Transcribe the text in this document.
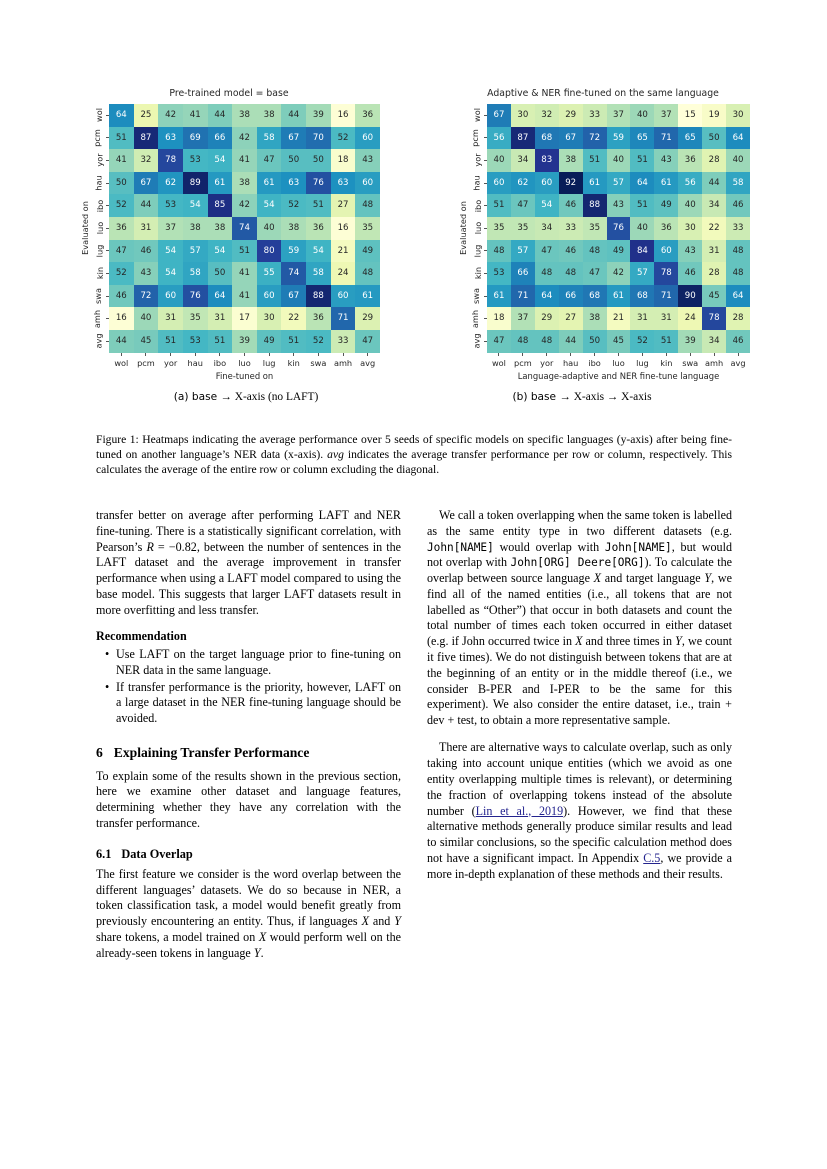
Pre-trained model = base
Evaluated on
wol
pcm
yor
hau
ibo
luo
lug
kin
swa
amh
avg
64	25	42	41	44	38	38	44	39	16	36
51	87	63	69	66	42	58	67	70	52	60
41	32	78	53	54	41	47	50	50	18	43
50	67	62	89	61	38	61	63	76	63	60
52	44	53	54	85	42	54	52	51	27	48
36	31	37	38	38	74	40	38	36	16	35
47	46	54	57	54	51	80	59	54	21	49
52	43	54	58	50	41	55	74	58	24	48
46	72	60	76	64	41	60	67	88	60	61
16	40	31	35	31	17	30	22	36	71	29
44	45	51	53	51	39	49	51	52	33	47
wol	pcm	yor	hau	ibo	luo	lug	kin	swa amh avg
Fine-tuned on
Adaptive & NER fine-tuned on the same language
Evaluated on
wol
pcm
yor
hau
ibo
luo
lug
kin
swa
amh
avg
67	30	32	29	33	37	40	37	15	19	30
56	87	68	67	72	59	65	71	65	50	64
40	34	83	38	51	40	51	43	36	28	40
60	62	60	92	61	57	64	61	56	44	58
51	47	54	46	88	43	51	49	40	34	46
35	35	34	33	35	76	40	36	30	22	33
48	57	47	46	48	49	84	60	43	31	48
53	66	48	48	47	42	57	78	46	28	48
61	71	64	66	68	61	68	71	90	45	64
18	37	29	27	38	21	31	31	24	78	28
47	48	48	44	50	45	52	51	39	34	46
wol pcm	yor	hau	ibo	luo	lug	kin	swa amh avg
Language-adaptive and NER fine-tune language
(a) base → X-axis (no LAFT)	(b) base → X-axis → X-axis
Figure 1: Heatmaps indicating the average performance over 5 seeds of specific models on specific languages (y-axis) after being fine-tuned on another language’s NER data (x-axis). avg indicates the average transfer performance per row or column, respectively. This calculates the average of the entire row or column excluding the diagonal.

transfer better on average after performing LAFT and NER fine-tuning. There is a statistically significant correlation, with Pearson’s R = −0.82, between the number of sentences in the LAFT dataset and the average improvement in transfer performance when using a LAFT model compared to using the base model. This suggests that larger LAFT datasets result in more overfitting and less transfer.

Recommendation
• Use LAFT on the target language prior to fine-tuning on NER data in the same language.
• If transfer performance is the priority, however, LAFT on a large dataset in the NER fine-tuning language should be avoided.
6 Explaining Transfer Performance

To explain some of the results shown in the previous section, here we examine other dataset and language features, determining whether they have any correlation with the transfer performance.

6.1 Data Overlap

The first feature we consider is the word overlap between the different languages’ datasets. We do so because in NER, a token classification task, a model would benefit greatly from previously encountering an entity. Thus, if languages X and Y share tokens, a model trained on X would perform well on the already-seen tokens in language Y.

We call a token overlapping when the same token is labelled as the same entity type in two different datasets (e.g. John[NAME] would overlap with John[NAME], but would not overlap with John[ORG] Deere[ORG]). To calculate the overlap between source language X and target language Y, we find all of the named entities (i.e., all tokens that are not labelled as “Other”) that occur in both datasets and count the total number of times each token occurred in either dataset (e.g. if John occurred twice in X and three times in Y, we count it five times). We do not distinguish between tokens that are at the beginning of an entity or in the middle thereof (i.e., we consider B-PER and I-PER to be the same for this experiment). We also consider the entire dataset, i.e., train + dev + test, to obtain a more representative sample.

There are alternative ways to calculate overlap, such as only taking into account unique entities (which we avoid as one entity overlapping multiple times is relevant), or determining the fraction of overlapping tokens instead of the absolute number (Lin et al., 2019). However, we find that these alternative methods generally produce similar results and lead to similar conclusions, so the specific calculation method does not have a significant impact. In Appendix C.5, we provide a more in-depth explanation of these methods and their results.
